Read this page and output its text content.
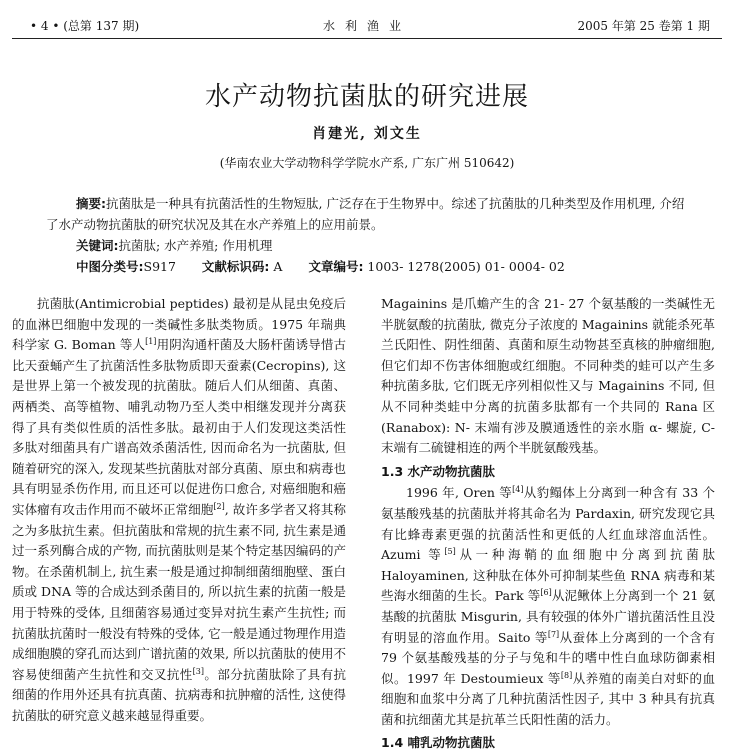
• 4 • (总第 137 期)	水利渔业	2005 年第 25 卷第 1 期
水产动物抗菌肽的研究进展
肖建光, 刘文生
(华南农业大学动物科学学院水产系, 广东广州 510642)
摘要:抗菌肽是一种具有抗菌活性的生物短肽, 广泛存在于生物界中。综述了抗菌肽的几种类型及作用机理, 介绍了水产动物抗菌肽的研究状况及其在水产养殖上的应用前景。
关键词:抗菌肽; 水产养殖; 作用机理
中图分类号:S917 文献标识码: A 文章编号: 1003- 1278(2005) 01- 0004- 02

抗菌肽(Antimicrobial peptides) 最初是从昆虫免疫后的血淋巴细胞中发现的一类碱性多肽类物质。1975 年瑞典科学家 G. Boman 等人[1]用阴沟通杆菌及大肠杆菌诱导惜古比天蚕蛹产生了抗菌活性多肽物质即天蚕素(Cecropins), 这是世界上第一个被发现的抗菌肽。随后人们从细菌、真菌、两栖类、高等植物、哺乳动物乃至人类中相继发现并分离获得了具有类似性质的活性多肽。最初由于人们发现这类活性多肽对细菌具有广谱高效杀菌活性, 因而命名为一抗菌肽, 但随着研究的深入, 发现某些抗菌肽对部分真菌、原虫和病毒也具有明显杀伤作用, 而且还可以促进伤口愈合, 对癌细胞和癌实体瘤有攻击作用而不破坏正常细胞[2], 故许多学者又将其称之为多肽抗生素。但抗菌肽和常规的抗生素不同, 抗生素是通过一系列酶合成的产物, 而抗菌肽则是某个特定基因编码的产物。在杀菌机制上, 抗生素一般是通过抑制细菌细胞壁、蛋白质或 DNA 等的合成达到杀菌目的, 所以抗生素的抗菌一般是用于特殊的受体, 且细菌容易通过变异对抗生素产生抗性; 而抗菌肽抗菌时一般没有特殊的受体, 它一般是通过物理作用造成细胞膜的穿孔而达到广谱抗菌的效果, 所以抗菌肽的使用不容易使细菌产生抗性和交叉抗性[3]。部分抗菌肽除了具有抗细菌的作用外还具有抗真菌、抗病毒和抗肿瘤的活性, 这使得抗菌肽的研究意义越来越显得重要。

Magainins 是爪蟾产生的含 21- 27 个氨基酸的一类碱性无半胱氨酸的抗菌肽, 微克分子浓度的 Magainins 就能杀死革兰氏阳性、阴性细菌、真菌和原生动物甚至真核的肿瘤细胞, 但它们却不伤害体细胞或红细胞。不同种类的蛙可以产生多种抗菌多肽, 它们既无序列相似性又与 Magainins 不同, 但从不同种类蛙中分离的抗菌多肽都有一个共同的 Rana 区(Ranabox): N- 末端有涉及膜通透性的亲水脂 α- 螺旋, C- 末端有二硫键相连的两个半胱氨酸残基。

1.3 水产动物抗菌肽

1996 年, Oren 等[4]从豹鳎体上分离到一种含有 33 个氨基酸残基的抗菌肽并将其命名为 Pardaxin, 研究发现它具有比蜂毒素更强的抗菌活性和更低的人红血球溶血活性。Azumi 等[5]从一种海鞘的血细胞中分离到抗菌肽 Haloyaminen, 这种肽在体外可抑制某些鱼 RNA 病毒和某些海水细菌的生长。Park 等[6]从泥鳅体上分离到一个 21 氨基酸的抗菌肽 Misgurin, 具有较强的体外广谱抗菌活性且没有明显的溶血作用。Saito 等[7]从蚕体上分离到的一个含有 79 个氨基酸残基的分子与兔和牛的嗜中性白血球防御素相似。1997 年 Destoumieux 等[8]从养殖的南美白对虾的血细胞和血浆中分离了几种抗菌活性因子, 其中 3 种具有抗真菌和抗细菌尤其是抗革兰氏阳性菌的活力。

1.4 哺乳动物抗菌肽
